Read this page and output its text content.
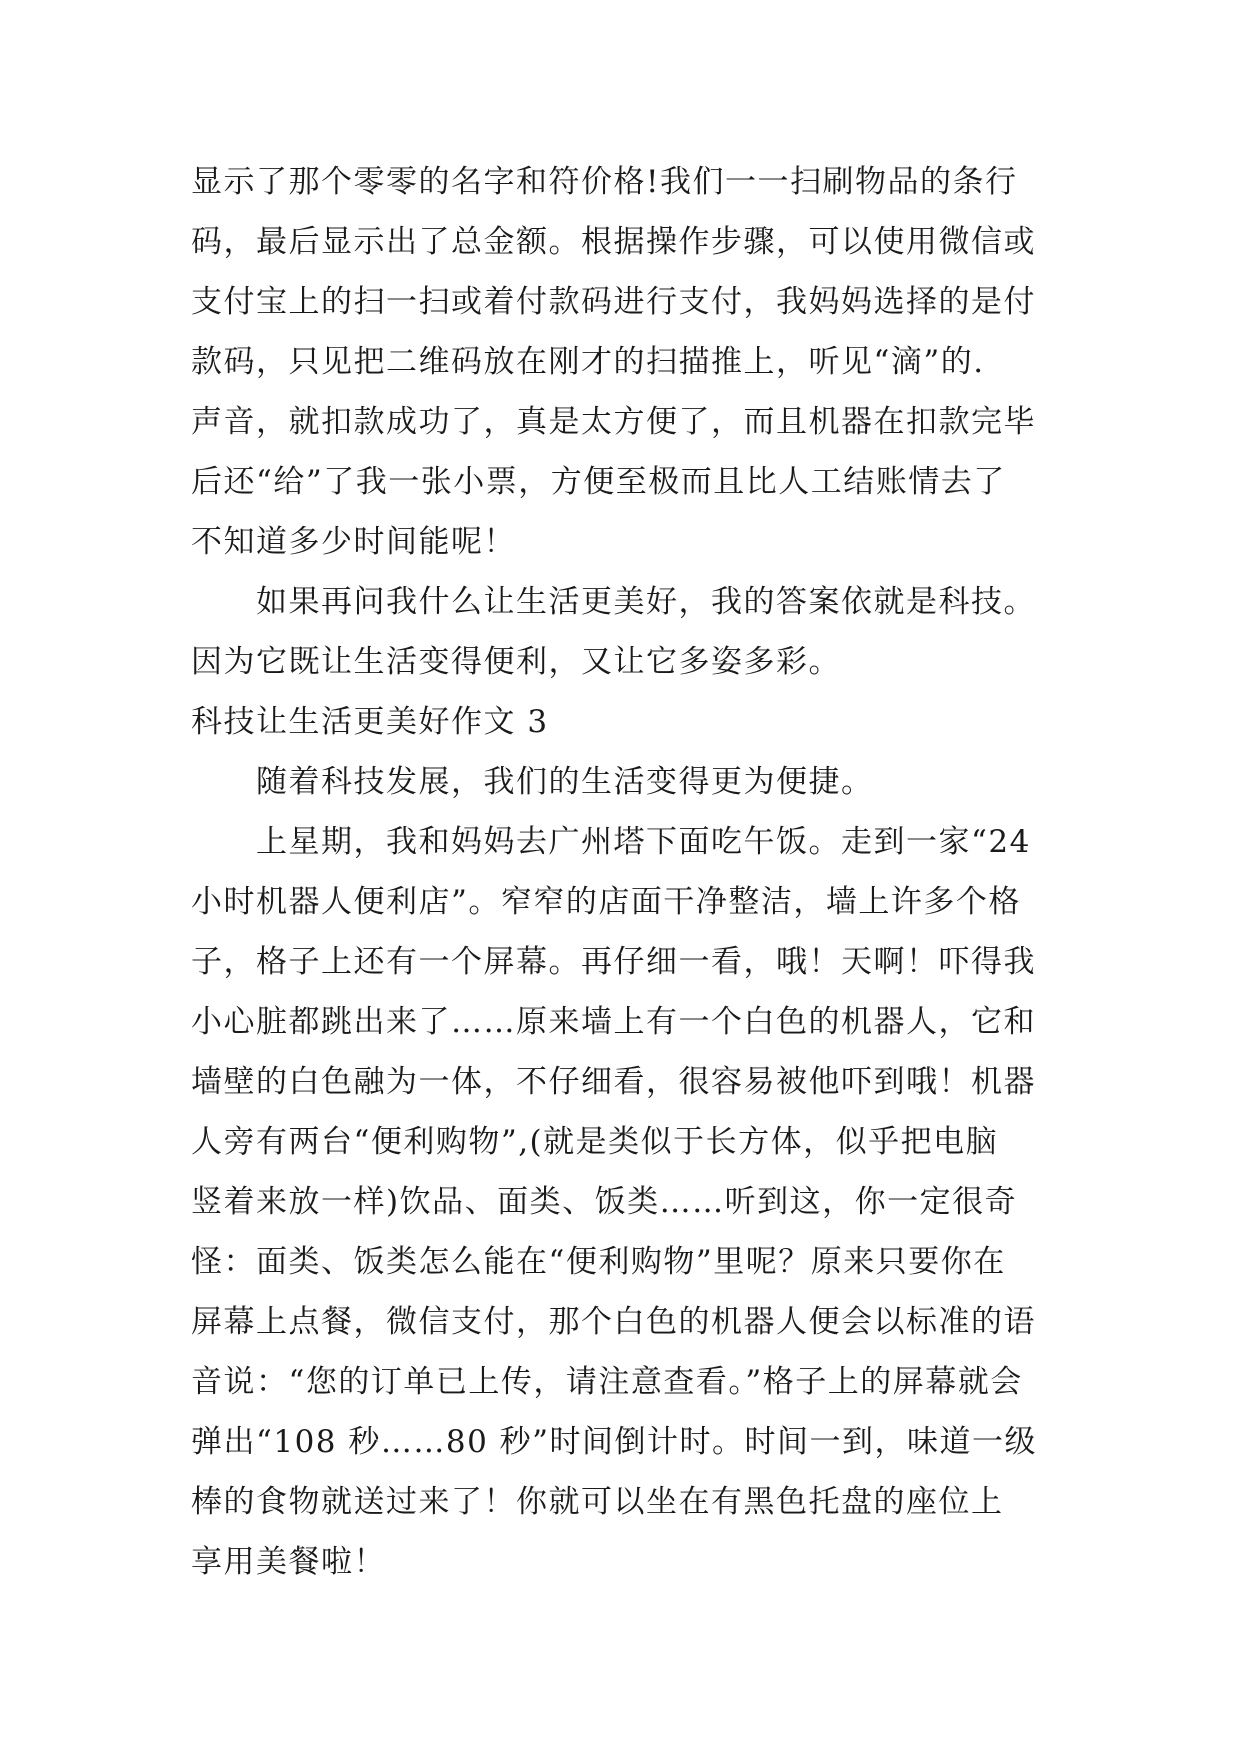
显示了那个零零的名字和符价格!我们一一扫刷物品的条行
码，最后显示出了总金额。根据操作步骤，可以使用微信或
支付宝上的扫一扫或着付款码进行支付，我妈妈选择的是付
款码，只见把二维码放在刚才的扫描推上，听见“滴”的.
声音，就扣款成功了，真是太方便了，而且机器在扣款完毕
后还“给”了我一张小票，方便至极而且比人工结账情去了
不知道多少时间能呢！
如果再问我什么让生活更美好，我的答案依就是科技。
因为它既让生活变得便利，又让它多姿多彩。
科技让生活更美好作文 3
随着科技发展，我们的生活变得更为便捷。
上星期，我和妈妈去广州塔下面吃午饭。走到一家“24
小时机器人便利店”。窄窄的店面干净整洁，墙上许多个格
子，格子上还有一个屏幕。再仔细一看，哦！天啊！吓得我
小心脏都跳出来了……原来墙上有一个白色的机器人，它和
墙壁的白色融为一体，不仔细看，很容易被他吓到哦！机器
人旁有两台“便利购物”,(就是类似于长方体，似乎把电脑
竖着来放一样)饮品、面类、饭类……听到这，你一定很奇
怪：面类、饭类怎么能在“便利购物”里呢？原来只要你在
屏幕上点餐，微信支付，那个白色的机器人便会以标准的语
音说：“您的订单已上传，请注意查看。”格子上的屏幕就会
弹出“108 秒……80 秒”时间倒计时。时间一到，味道一级
棒的食物就送过来了！你就可以坐在有黑色托盘的座位上
享用美餐啦！
